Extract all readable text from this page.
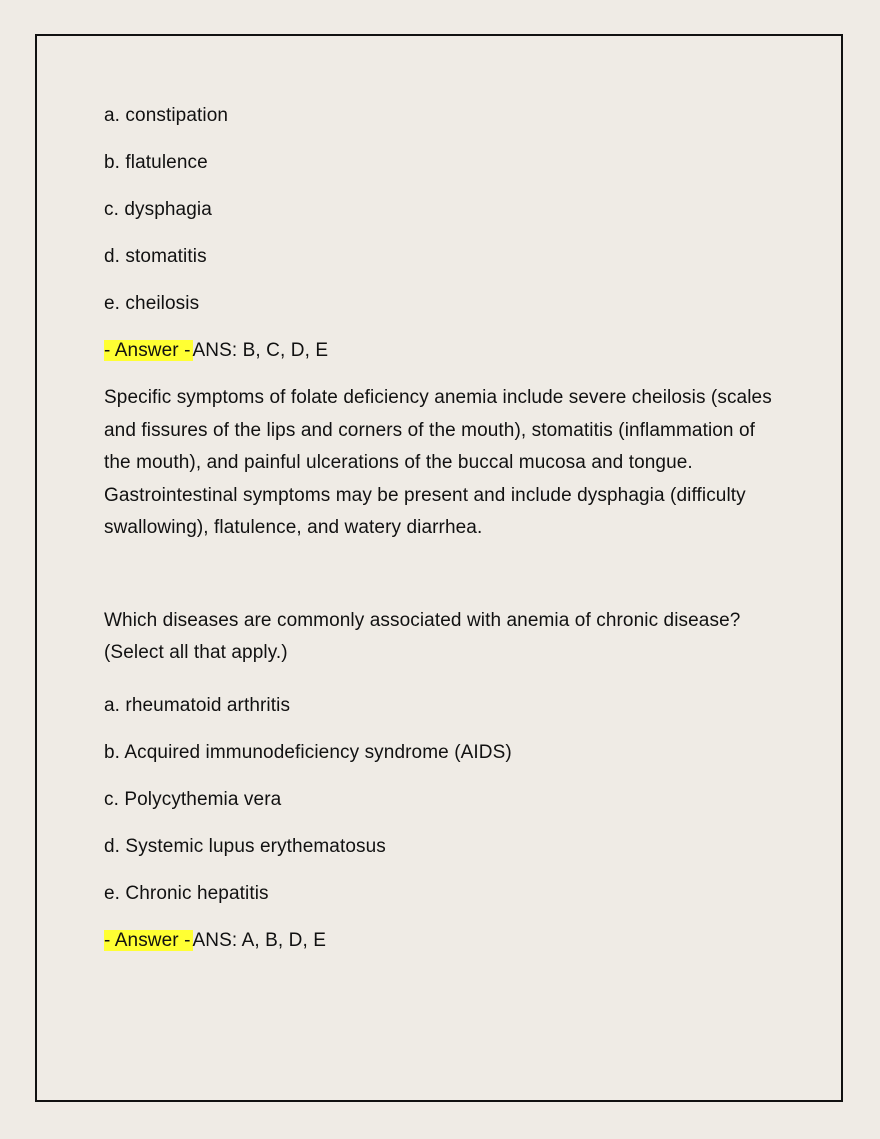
a. constipation

b. flatulence

c. dysphagia

d. stomatitis

e. cheilosis

- Answer - ANS: B, C, D, E

Specific symptoms of folate deficiency anemia include severe cheilosis (scales and fissures of the lips and corners of the mouth), stomatitis (inflammation of the mouth), and painful ulcerations of the buccal mucosa and tongue. Gastrointestinal symptoms may be present and include dysphagia (difficulty swallowing), flatulence, and watery diarrhea.

Which diseases are commonly associated with anemia of chronic disease? (Select all that apply.)

a. rheumatoid arthritis

b. Acquired immunodeficiency syndrome (AIDS)

c. Polycythemia vera

d. Systemic lupus erythematosus

e. Chronic hepatitis

- Answer - ANS: A, B, D, E
